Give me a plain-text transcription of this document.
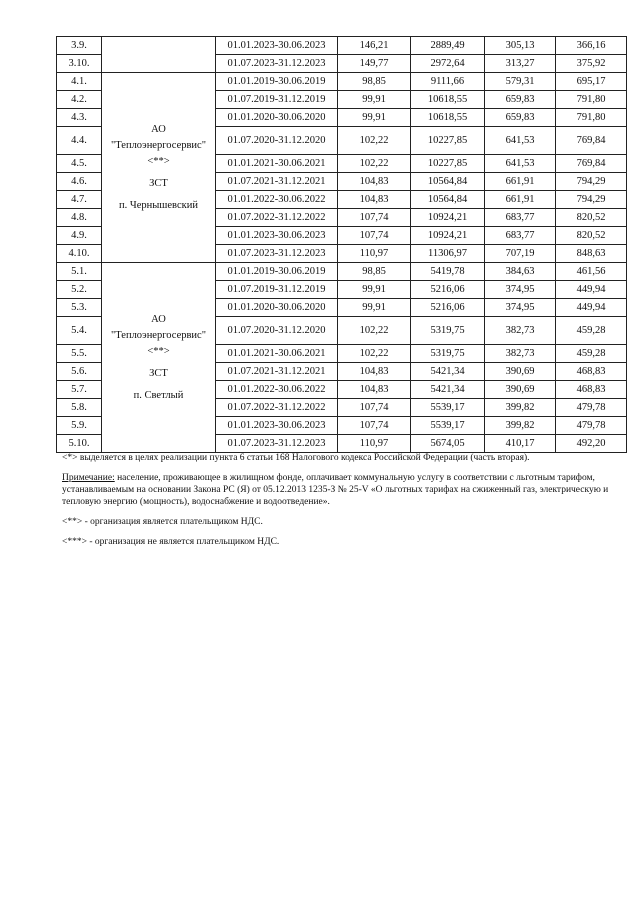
3.9.		01.01.2023-30.06.2023	146,21	2889,49	305,13	366,16
3.10.		01.07.2023-31.12.2023	149,77	2972,64	313,27	375,92
4.1.	АО
"Теплоэнергосервис"
<**>
ЗСТ
п. Чернышевский	01.01.2019-30.06.2019	98,85	9111,66	579,31	695,17
4.2.		01.07.2019-31.12.2019	99,91	10618,55	659,83	791,80
4.3.		01.01.2020-30.06.2020	99,91	10618,55	659,83	791,80
4.4.		01.07.2020-31.12.2020	102,22	10227,85	641,53	769,84
4.5.		01.01.2021-30.06.2021	102,22	10227,85	641,53	769,84
4.6.		01.07.2021-31.12.2021	104,83	10564,84	661,91	794,29
4.7.		01.01.2022-30.06.2022	104,83	10564,84	661,91	794,29
4.8.		01.07.2022-31.12.2022	107,74	10924,21	683,77	820,52
4.9.		01.01.2023-30.06.2023	107,74	10924,21	683,77	820,52
4.10.		01.07.2023-31.12.2023	110,97	11306,97	707,19	848,63
5.1.	АО
"Теплоэнергосервис"
<**>
ЗСТ
п. Светлый	01.01.2019-30.06.2019	98,85	5419,78	384,63	461,56
5.2.		01.07.2019-31.12.2019	99,91	5216,06	374,95	449,94
5.3.		01.01.2020-30.06.2020	99,91	5216,06	374,95	449,94
5.4.		01.07.2020-31.12.2020	102,22	5319,75	382,73	459,28
5.5.		01.01.2021-30.06.2021	102,22	5319,75	382,73	459,28
5.6.		01.07.2021-31.12.2021	104,83	5421,34	390,69	468,83
5.7.		01.01.2022-30.06.2022	104,83	5421,34	390,69	468,83
5.8.		01.07.2022-31.12.2022	107,74	5539,17	399,82	479,78
5.9.		01.01.2023-30.06.2023	107,74	5539,17	399,82	479,78
5.10.		01.07.2023-31.12.2023	110,97	5674,05	410,17	492,20

<*> выделяется в целях реализации пункта 6 статьи 168 Налогового кодекса Российской Федерации (часть вторая).

Примечание: население, проживающее в жилищном фонде, оплачивает коммунальную услугу в соответствии с льготным тарифом, устанавливаемым на основании Закона РС (Я) от 05.12.2013 1235-З № 25-V «О льготных тарифах на сжиженный газ, электрическую и тепловую энергию (мощность), водоснабжение и водоотведение».

<**> - организация является плательщиком НДС.

<***> - организация не является плательщиком НДС.
